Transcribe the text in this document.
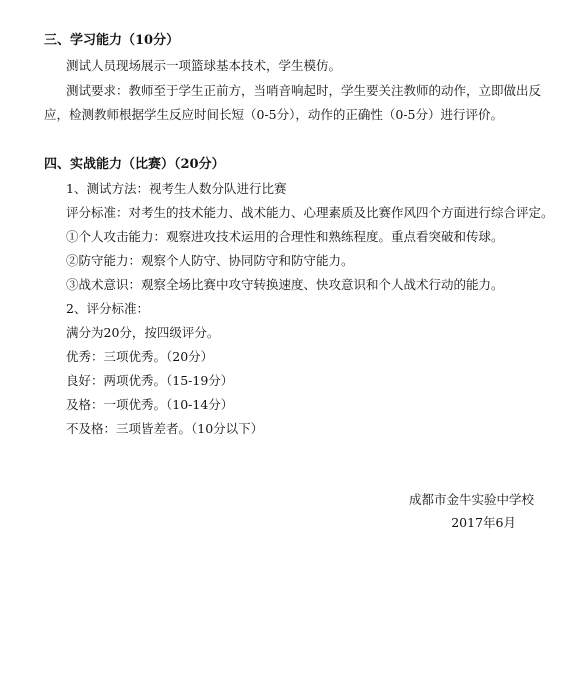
三、学习能力（10分）
测试人员现场展示一项篮球基本技术，学生模仿。
测试要求：教师至于学生正前方，当哨音响起时，学生要关注教师的动作，立即做出反
应，检测教师根据学生反应时间长短（0-5分），动作的正确性（0-5分）进行评价。
四、实战能力（比赛）（20分）
1、测试方法：视考生人数分队进行比赛
评分标准：对考生的技术能力、战术能力、心理素质及比赛作风四个方面进行综合评定。
①个人攻击能力：观察进攻技术运用的合理性和熟练程度。重点看突破和传球。
②防守能力：观察个人防守、协同防守和防守能力。
③战术意识：观察全场比赛中攻守转换速度、快攻意识和个人战术行动的能力。
2、评分标准：
满分为20分，按四级评分。
优秀：三项优秀。（20分）
良好：两项优秀。（15-19分）
及格：一项优秀。（10-14分）
不及格：三项皆差者。（10分以下）
成都市金牛实验中学校
2017年6月
